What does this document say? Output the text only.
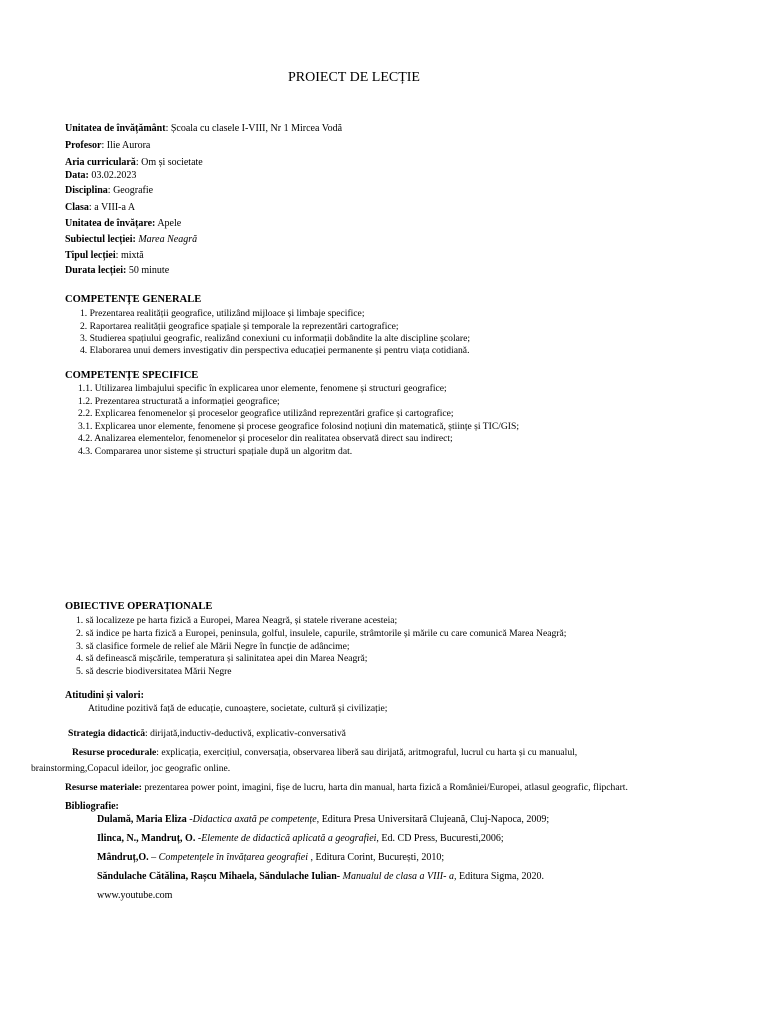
PROIECT DE LECȚIE
Unitatea de învățământ: Școala cu clasele I-VIII, Nr 1 Mircea Vodă
Profesor: Ilie Aurora
Aria curriculară: Om și societate
Data: 03.02.2023
Disciplina: Geografie
Clasa: a VIII-a A
Unitatea de învățare: Apele
Subiectul lecției: Marea Neagră
Tipul lecției: mixtă
Durata lecției: 50 minute
COMPETENȚE GENERALE
1. Prezentarea realității geografice, utilizând mijloace și limbaje specifice;
2. Raportarea realității geografice spațiale și temporale la reprezentări cartografice;
3. Studierea spațiului geografic, realizând conexiuni cu informații dobândite la alte discipline școlare;
4. Elaborarea unui demers investigativ din perspectiva educației permanente și pentru viața cotidiană.
COMPETENȚE SPECIFICE
1.1. Utilizarea limbajului specific în explicarea unor elemente, fenomene și structuri geografice;
1.2. Prezentarea structurată a informației geografice;
2.2. Explicarea fenomenelor și proceselor geografice utilizând reprezentări grafice și cartografice;
3.1. Explicarea unor elemente, fenomene și procese geografice folosind noțiuni din matematică, științe și TIC/GIS;
4.2. Analizarea elementelor, fenomenelor și proceselor din realitatea observată direct sau indirect;
4.3. Compararea unor sisteme și structuri spațiale după un algoritm dat.
OBIECTIVE OPERAȚIONALE
1. să localizeze pe harta fizică a Europei, Marea Neagră, și statele riverane acesteia;
2. să indice pe harta fizică a Europei, peninsula, golful, insulele, capurile, strâmtorile și mările cu care comunică Marea Neagră;
3. să clasifice formele de relief ale Mării Negre în funcție de adâncime;
4. să definească mișcările, temperatura și salinitatea apei din Marea Neagră;
5. să descrie biodiversitatea Mării Negre
Atitudini și valori:
Atitudine pozitivă față de educație, cunoaștere, societate, cultură și civilizație;
Strategia didactică: dirijată,inductiv-deductivă, explicativ-conversativă
Resurse procedurale: explicația, exercițiul, conversația, observarea liberă sau dirijată, aritmograful, lucrul cu harta și cu manualul,
brainstorming,Copacul ideilor, joc geografic online.
Resurse materiale: prezentarea power point, imagini, fișe de lucru, harta din manual, harta fizică a României/Europei, atlasul geografic, flipchart.
Bibliografie:
Dulamă, Maria Eliza -Didactica axată pe competențe, Editura Presa Universitară Clujeană, Cluj-Napoca, 2009;
Ilinca, N., Mandruț, O. -Elemente de didactică aplicată a geografiei, Ed. CD Press, Bucuresti,2006;
Mândruț,O. – Competențele în învățarea geografiei , Editura Corint, București, 2010;
Săndulache Cătălina, Rașcu Mihaela, Săndulache Iulian- Manualul de clasa a VIII- a, Editura Sigma, 2020.
www.youtube.com
